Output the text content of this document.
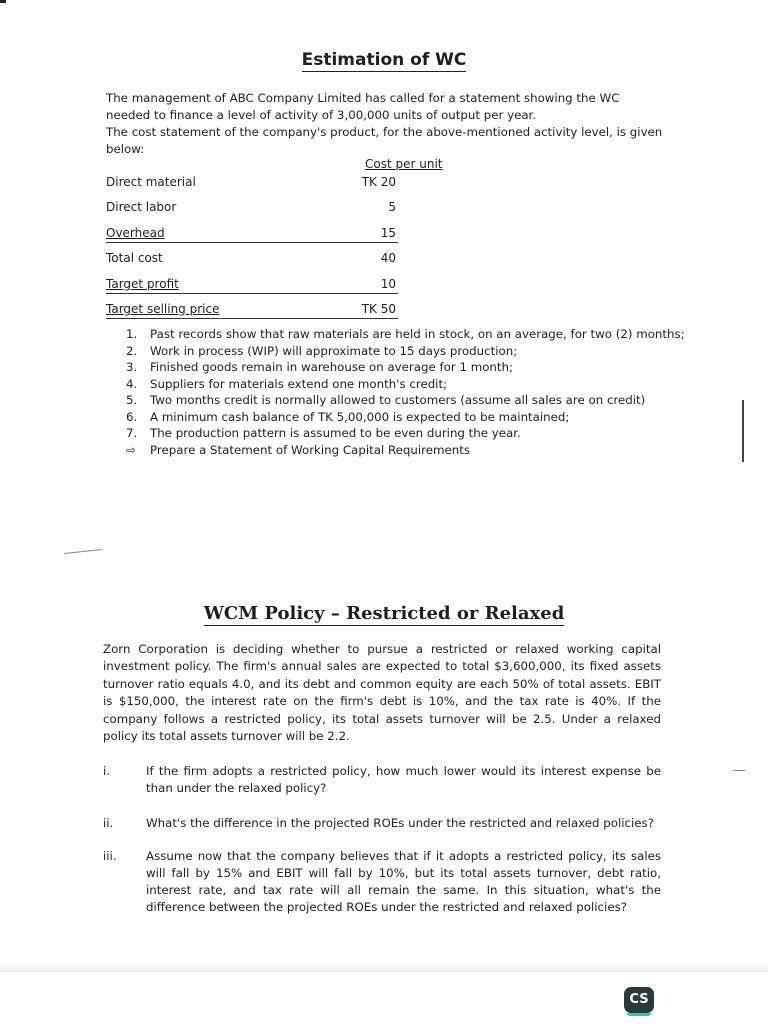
Estimation of WC
The management of ABC Company Limited has called for a statement showing the WC needed to finance a level of activity of 3,00,000 units of output per year.
The cost statement of the company's product, for the above-mentioned activity level, is given below:
Cost per unit
Direct material	TK 20
Direct labor	5
Overhead	15
Total cost	40
Target profit	10
Target selling price	TK 50
1. Past records show that raw materials are held in stock, on an average, for two (2) months;
2. Work in process (WIP) will approximate to 15 days production;
3. Finished goods remain in warehouse on average for 1 month;
4. Suppliers for materials extend one month's credit;
5. Two months credit is normally allowed to customers (assume all sales are on credit)
6. A minimum cash balance of TK 5,00,000 is expected to be maintained;
7. The production pattern is assumed to be even during the year.
⇨ Prepare a Statement of Working Capital Requirements
WCM Policy – Restricted or Relaxed
Zorn Corporation is deciding whether to pursue a restricted or relaxed working capital investment policy. The firm's annual sales are expected to total $3,600,000, its fixed assets turnover ratio equals 4.0, and its debt and common equity are each 50% of total assets. EBIT is $150,000, the interest rate on the firm's debt is 10%, and the tax rate is 40%. If the company follows a restricted policy, its total assets turnover will be 2.5. Under a relaxed policy its total assets turnover will be 2.2.
i.	If the firm adopts a restricted policy, how much lower would its interest expense be than under the relaxed policy?
ii.	What's the difference in the projected ROEs under the restricted and relaxed policies?
iii. Assume now that the company believes that if it adopts a restricted policy, its sales will fall by 15% and EBIT will fall by 10%, but its total assets turnover, debt ratio, interest rate, and tax rate will all remain the same. In this situation, what's the difference between the projected ROEs under the restricted and relaxed policies?
CS
